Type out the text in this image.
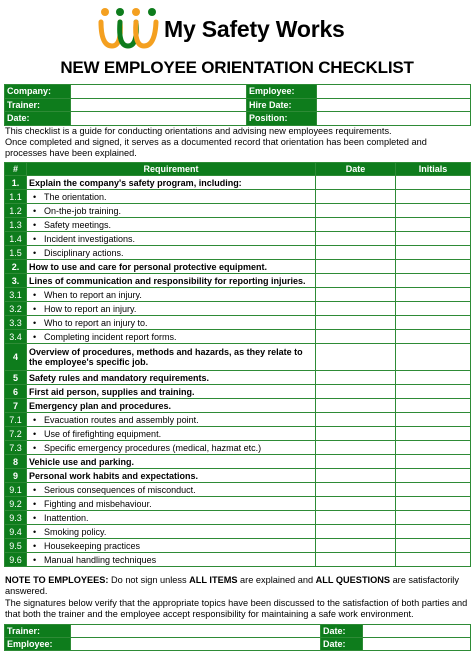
My Safety Works
NEW EMPLOYEE ORIENTATION CHECKLIST
Company:		Employee:	
Trainer:		Hire Date:	
Date:		Position:	
This checklist is a guide for conducting orientations and advising new employees requirements.
Once completed and signed, it serves as a documented record that orientation has been completed and processes have been explained.
#	Requirement	Date	Initials
1.	Explain the company's safety program, including:		
1.1	• The orientation.		
1.2	• On-the-job training.		
1.3	• Safety meetings.		
1.4	• Incident investigations.		
1.5	• Disciplinary actions.		
2.	How to use and care for personal protective equipment.		
3.	Lines of communication and responsibility for reporting injuries.		
3.1	• When to report an injury.		
3.2	• How to report an injury.		
3.3	• Who to report an injury to.		
3.4	• Completing incident report forms.		
4	Overview of procedures, methods and hazards, as they relate to the employee's specific job.		
5	Safety rules and mandatory requirements.		
6	First aid person, supplies and training.		
7	Emergency plan and procedures.		
7.1	• Evacuation routes and assembly point.		
7.2	• Use of firefighting equipment.		
7.3	• Specific emergency procedures (medical, hazmat etc.)		
8	Vehicle use and parking.		
9	Personal work habits and expectations.		
9.1	• Serious consequences of misconduct.		
9.2	• Fighting and misbehaviour.		
9.3	• Inattention.		
9.4	• Smoking policy.		
9.5	• Housekeeping practices		
9.6	• Manual handling techniques		
NOTE TO EMPLOYEES: Do not sign unless ALL ITEMS are explained and ALL QUESTIONS are satisfactorily answered.
The signatures below verify that the appropriate topics have been discussed to the satisfaction of both parties and that both the trainer and the employee accept responsibility for maintaining a safe work environment.
Trainer:		Date:	
Employee:		Date:	
